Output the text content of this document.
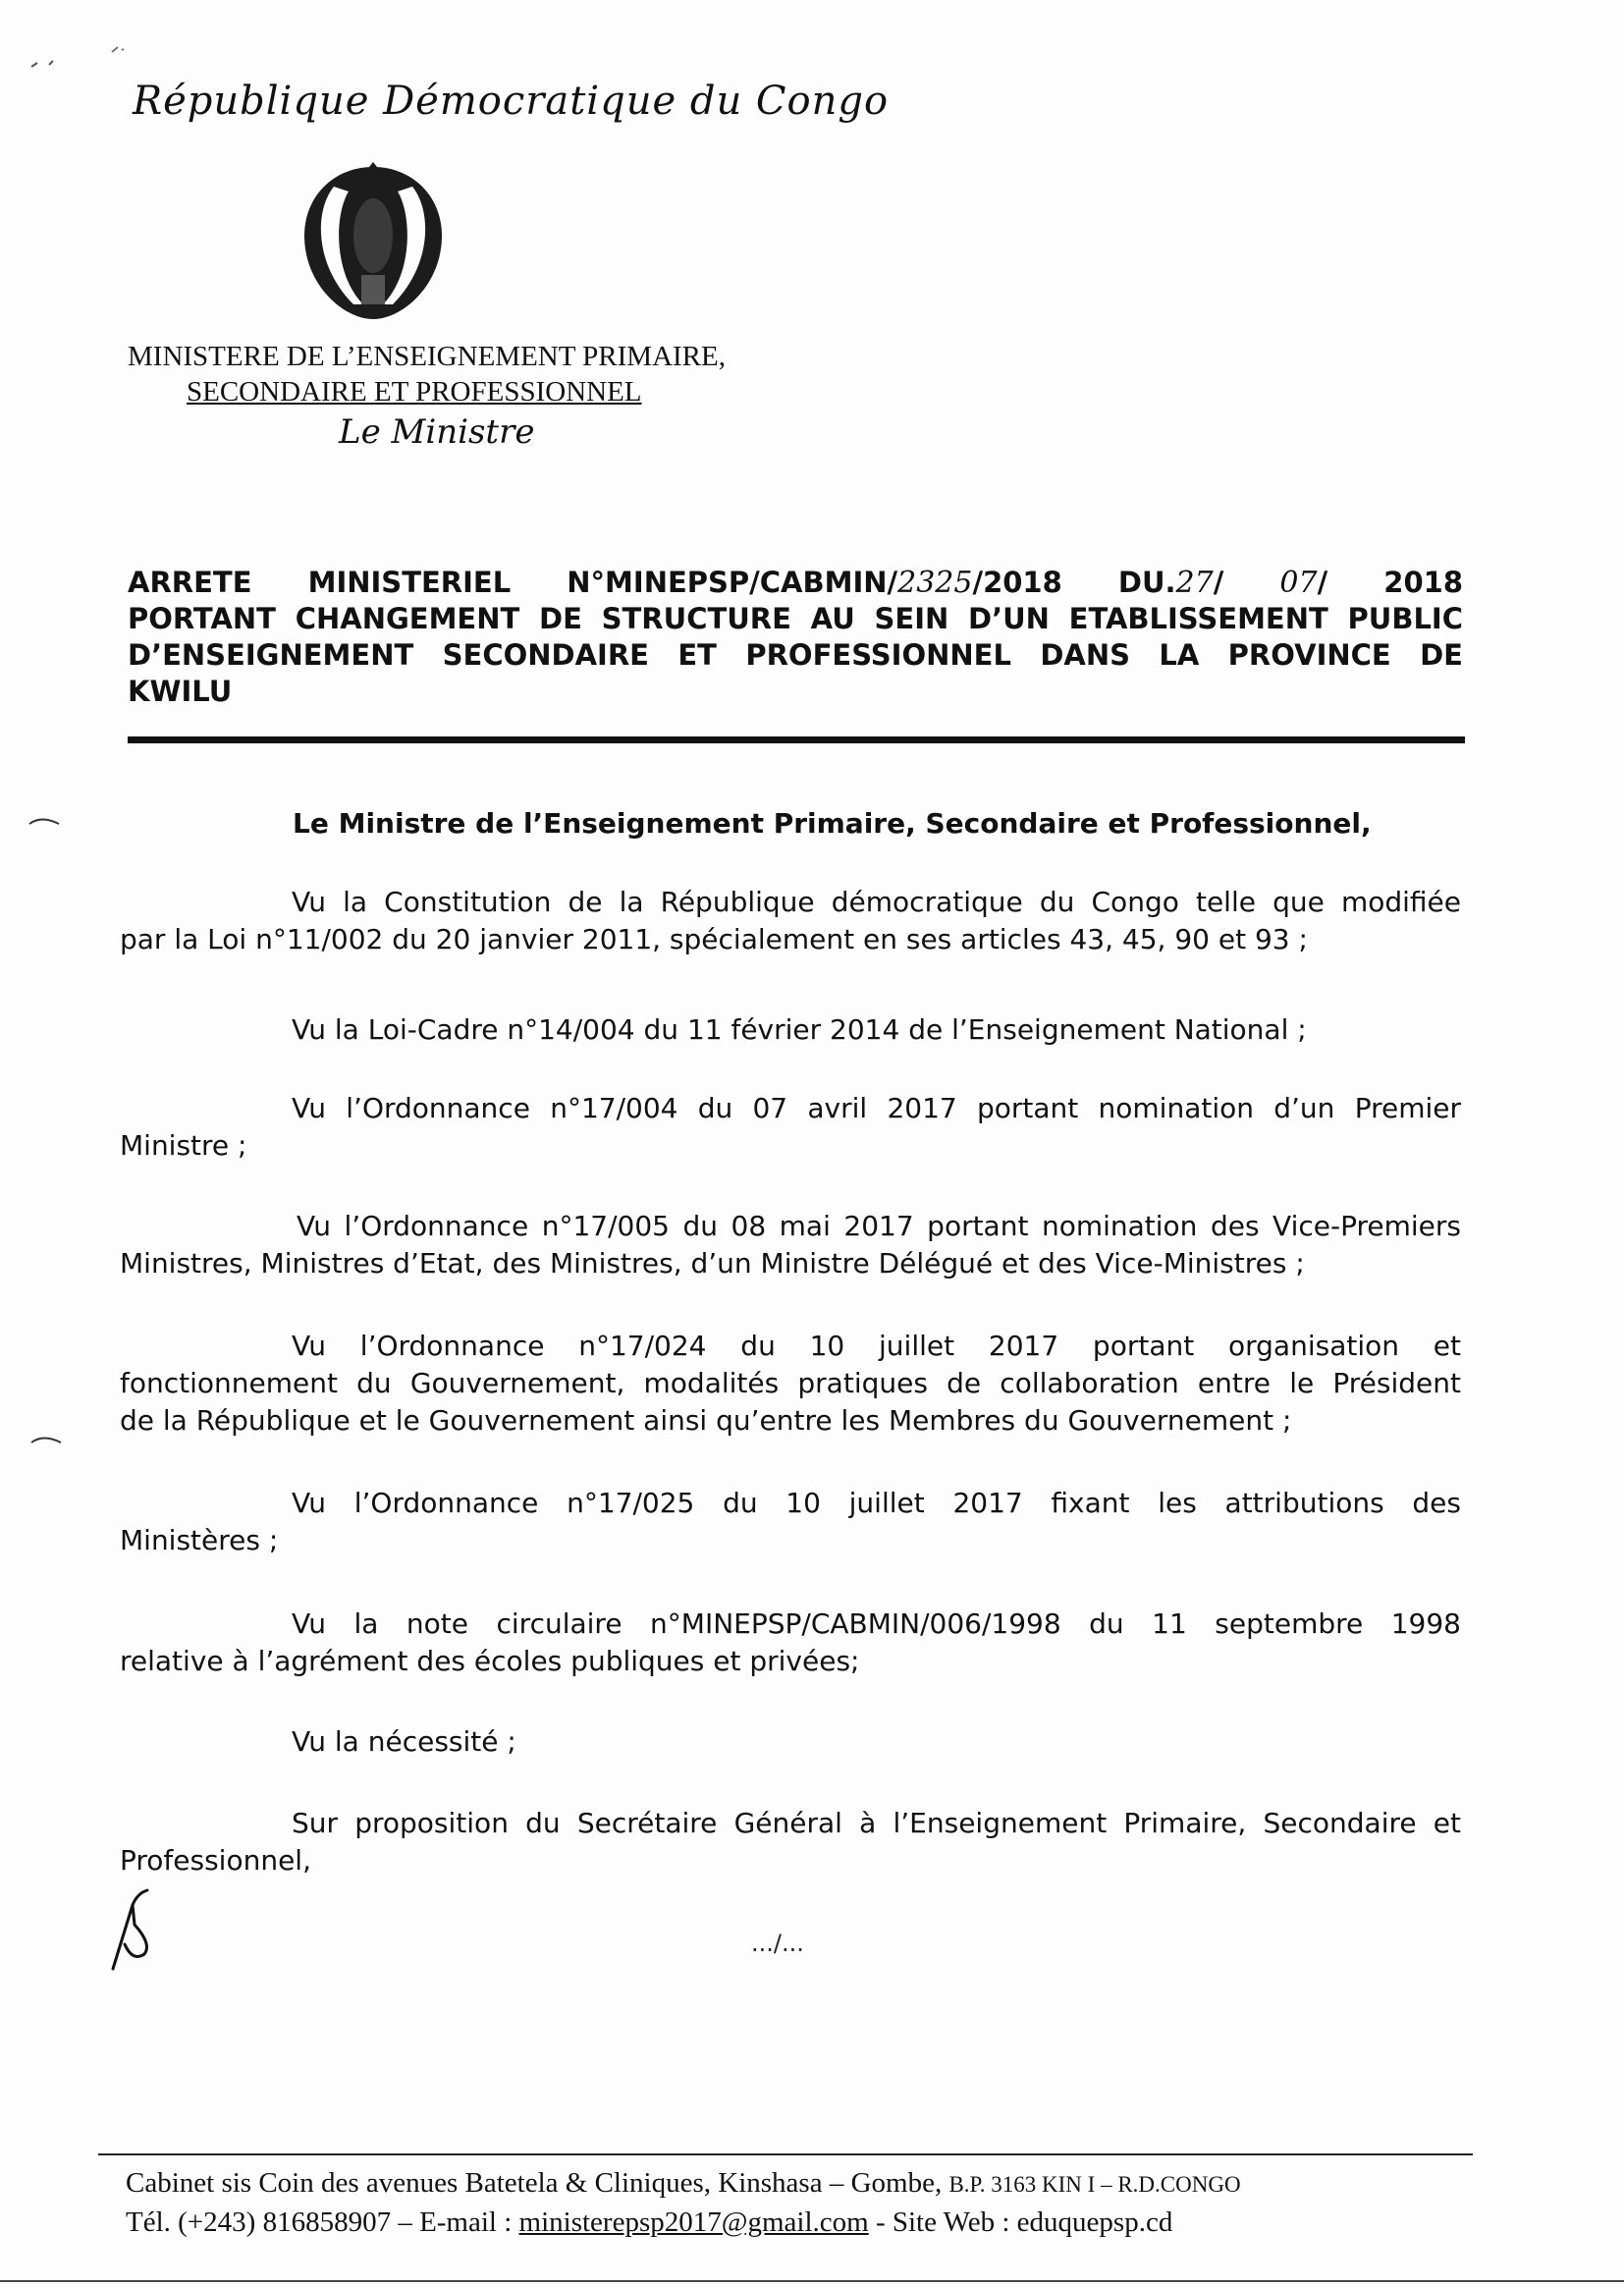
République Démocratique du Congo
MINISTERE DE L’ENSEIGNEMENT PRIMAIRE,
SECONDAIRE ET PROFESSIONNEL
Le Ministre
ARRETE MINISTERIEL N°MINEPSP/CABMIN/2325/2018 DU.27/ 07/ 2018
PORTANT CHANGEMENT DE STRUCTURE AU SEIN D’UN ETABLISSEMENT PUBLIC
D’ENSEIGNEMENT SECONDAIRE ET PROFESSIONNEL DANS LA PROVINCE DE
KWILU
Le Ministre de l’Enseignement Primaire, Secondaire et Professionnel,
Vu la Constitution de la République démocratique du Congo telle que modifiée
par la Loi n°11/002 du 20 janvier 2011, spécialement en ses articles 43, 45, 90 et 93 ;
Vu la Loi-Cadre n°14/004 du 11 février 2014 de l’Enseignement National ;
Vu l’Ordonnance n°17/004 du 07 avril 2017 portant nomination d’un Premier
Ministre ;
Vu l’Ordonnance n°17/005 du 08 mai 2017 portant nomination des Vice-Premiers
Ministres, Ministres d’Etat, des Ministres, d’un Ministre Délégué et des Vice-Ministres ;
Vu l’Ordonnance n°17/024 du 10 juillet 2017 portant organisation et
fonctionnement du Gouvernement, modalités pratiques de collaboration entre le Président
de la République et le Gouvernement ainsi qu’entre les Membres du Gouvernement ;
Vu l’Ordonnance n°17/025 du 10 juillet 2017 fixant les attributions des
Ministères ;
Vu la note circulaire n°MINEPSP/CABMIN/006/1998 du 11 septembre 1998
relative à l’agrément des écoles publiques et privées;
Vu la nécessité ;
Sur proposition du Secrétaire Général à l’Enseignement Primaire, Secondaire et
Professionnel,
.../...
Cabinet sis Coin des avenues Batetela & Cliniques, Kinshasa – Gombe, B.P. 3163 KIN I – R.D.CONGO
Tél. (+243) 816858907 – E-mail : ministerepsp2017@gmail.com - Site Web : eduquepsp.cd
